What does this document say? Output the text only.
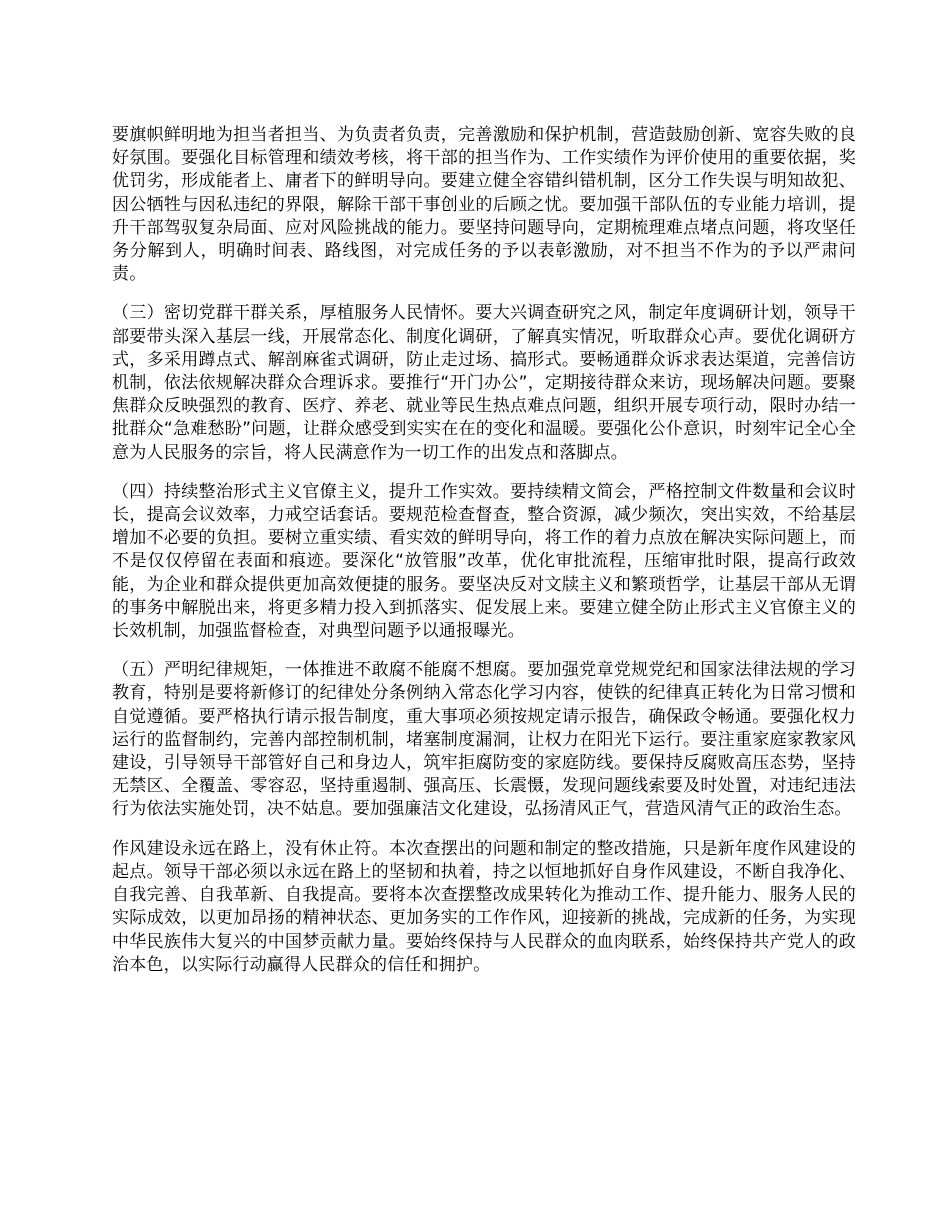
要旗帜鲜明地为担当者担当、为负责者负责，完善激励和保护机制，营造鼓励创新、宽容失败的良好氛围。要强化目标管理和绩效考核，将干部的担当作为、工作实绩作为评价使用的重要依据，奖优罚劣，形成能者上、庸者下的鲜明导向。要建立健全容错纠错机制，区分工作失误与明知故犯、因公牺牲与因私违纪的界限，解除干部干事创业的后顾之忧。要加强干部队伍的专业能力培训，提升干部驾驭复杂局面、应对风险挑战的能力。要坚持问题导向，定期梳理难点堵点问题，将攻坚任务分解到人，明确时间表、路线图，对完成任务的予以表彰激励，对不担当不作为的予以严肃问责。

（三）密切党群干群关系，厚植服务人民情怀。要大兴调查研究之风，制定年度调研计划，领导干部要带头深入基层一线，开展常态化、制度化调研，了解真实情况，听取群众心声。要优化调研方式，多采用蹲点式、解剖麻雀式调研，防止走过场、搞形式。要畅通群众诉求表达渠道，完善信访机制，依法依规解决群众合理诉求。要推行“开门办公”，定期接待群众来访，现场解决问题。要聚焦群众反映强烈的教育、医疗、养老、就业等民生热点难点问题，组织开展专项行动，限时办结一批群众“急难愁盼”问题，让群众感受到实实在在的变化和温暖。要强化公仆意识，时刻牢记全心全意为人民服务的宗旨，将人民满意作为一切工作的出发点和落脚点。

（四）持续整治形式主义官僚主义，提升工作实效。要持续精文简会，严格控制文件数量和会议时长，提高会议效率，力戒空话套话。要规范检查督查，整合资源，减少频次，突出实效，不给基层增加不必要的负担。要树立重实绩、看实效的鲜明导向，将工作的着力点放在解决实际问题上，而不是仅仅停留在表面和痕迹。要深化“放管服”改革，优化审批流程，压缩审批时限，提高行政效能，为企业和群众提供更加高效便捷的服务。要坚决反对文牍主义和繁琐哲学，让基层干部从无谓的事务中解脱出来，将更多精力投入到抓落实、促发展上来。要建立健全防止形式主义官僚主义的长效机制，加强监督检查，对典型问题予以通报曝光。

（五）严明纪律规矩，一体推进不敢腐不能腐不想腐。要加强党章党规党纪和国家法律法规的学习教育，特别是要将新修订的纪律处分条例纳入常态化学习内容，使铁的纪律真正转化为日常习惯和自觉遵循。要严格执行请示报告制度，重大事项必须按规定请示报告，确保政令畅通。要强化权力运行的监督制约，完善内部控制机制，堵塞制度漏洞，让权力在阳光下运行。要注重家庭家教家风建设，引导领导干部管好自己和身边人，筑牢拒腐防变的家庭防线。要保持反腐败高压态势，坚持无禁区、全覆盖、零容忍，坚持重遏制、强高压、长震慑，发现问题线索要及时处置，对违纪违法行为依法实施处罚，决不姑息。要加强廉洁文化建设，弘扬清风正气，营造风清气正的政治生态。

作风建设永远在路上，没有休止符。本次查摆出的问题和制定的整改措施，只是新年度作风建设的起点。领导干部必须以永远在路上的坚韧和执着，持之以恒地抓好自身作风建设，不断自我净化、自我完善、自我革新、自我提高。要将本次查摆整改成果转化为推动工作、提升能力、服务人民的实际成效，以更加昂扬的精神状态、更加务实的工作作风，迎接新的挑战，完成新的任务，为实现中华民族伟大复兴的中国梦贡献力量。要始终保持与人民群众的血肉联系，始终保持共产党人的政治本色，以实际行动赢得人民群众的信任和拥护。
